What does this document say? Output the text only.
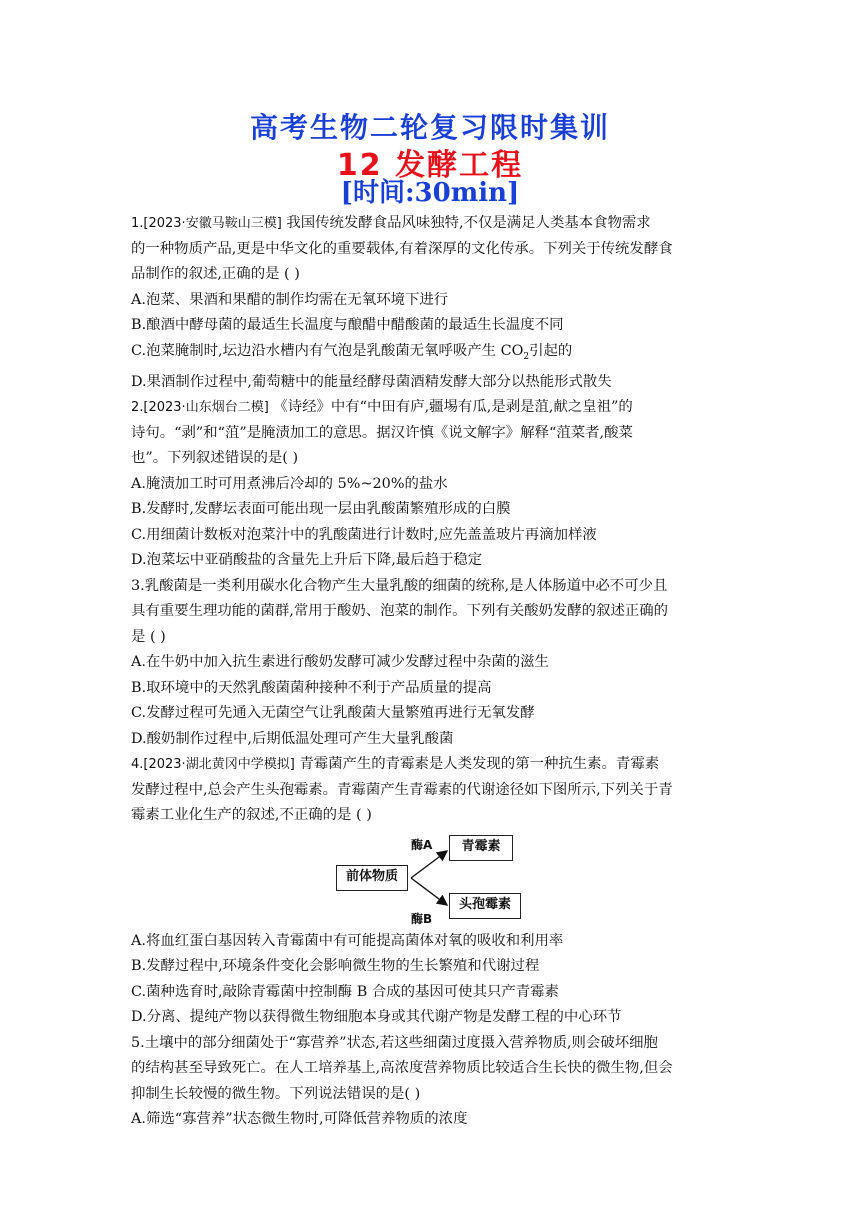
高考生物二轮复习限时集训
12 发酵工程
[时间:30min]

1.[2023·安徽马鞍山三模] 我国传统发酵食品风味独特,不仅是满足人类基本食物需求

的一种物质产品,更是中华文化的重要载体,有着深厚的文化传承。下列关于传统发酵食

品制作的叙述,正确的是 ( )

A.泡菜、果酒和果醋的制作均需在无氧环境下进行

B.酿酒中酵母菌的最适生长温度与酿醋中醋酸菌的最适生长温度不同

C.泡菜腌制时,坛边沿水槽内有气泡是乳酸菌无氧呼吸产生 $CO_2$引起的

D.果酒制作过程中,葡萄糖中的能量经酵母菌酒精发酵大部分以热能形式散失

2.[2023·山东烟台二模] 《诗经》中有“中田有庐,疆埸有瓜,是剥是菹,献之皇祖”的

诗句。“剥”和“菹”是腌渍加工的意思。据汉许慎《说文解字》解释“菹菜者,酸菜

也”。下列叙述错误的是( )

A.腌渍加工时可用煮沸后冷却的 5%~20%的盐水

B.发酵时,发酵坛表面可能出现一层由乳酸菌繁殖形成的白膜

C.用细菌计数板对泡菜汁中的乳酸菌进行计数时,应先盖盖玻片再滴加样液

D.泡菜坛中亚硝酸盐的含量先上升后下降,最后趋于稳定

3.乳酸菌是一类利用碳水化合物产生大量乳酸的细菌的统称,是人体肠道中必不可少且

具有重要生理功能的菌群,常用于酸奶、泡菜的制作。下列有关酸奶发酵的叙述正确的

是 ( )

A.在牛奶中加入抗生素进行酸奶发酵可减少发酵过程中杂菌的滋生

B.取环境中的天然乳酸菌菌种接种不利于产品质量的提高

C.发酵过程可先通入无菌空气让乳酸菌大量繁殖再进行无氧发酵

D.酸奶制作过程中,后期低温处理可产生大量乳酸菌

4.[2023·湖北黄冈中学模拟] 青霉菌产生的青霉素是人类发现的第一种抗生素。青霉素

发酵过程中,总会产生头孢霉素。青霉菌产生青霉素的代谢途径如下图所示,下列关于青

霉素工业化生产的叙述,不正确的是 ( )

前体物质
酶A
酶B
青霉素
头孢霉素

A.将血红蛋白基因转入青霉菌中有可能提高菌体对氧的吸收和利用率

B.发酵过程中,环境条件变化会影响微生物的生长繁殖和代谢过程

C.菌种选育时,敲除青霉菌中控制酶 B 合成的基因可使其只产青霉素

D.分离、提纯产物以获得微生物细胞本身或其代谢产物是发酵工程的中心环节

5.土壤中的部分细菌处于“寡营养”状态,若这些细菌过度摄入营养物质,则会破坏细胞

的结构甚至导致死亡。在人工培养基上,高浓度营养物质比较适合生长快的微生物,但会

抑制生长较慢的微生物。下列说法错误的是( )

A.筛选“寡营养”状态微生物时,可降低营养物质的浓度
